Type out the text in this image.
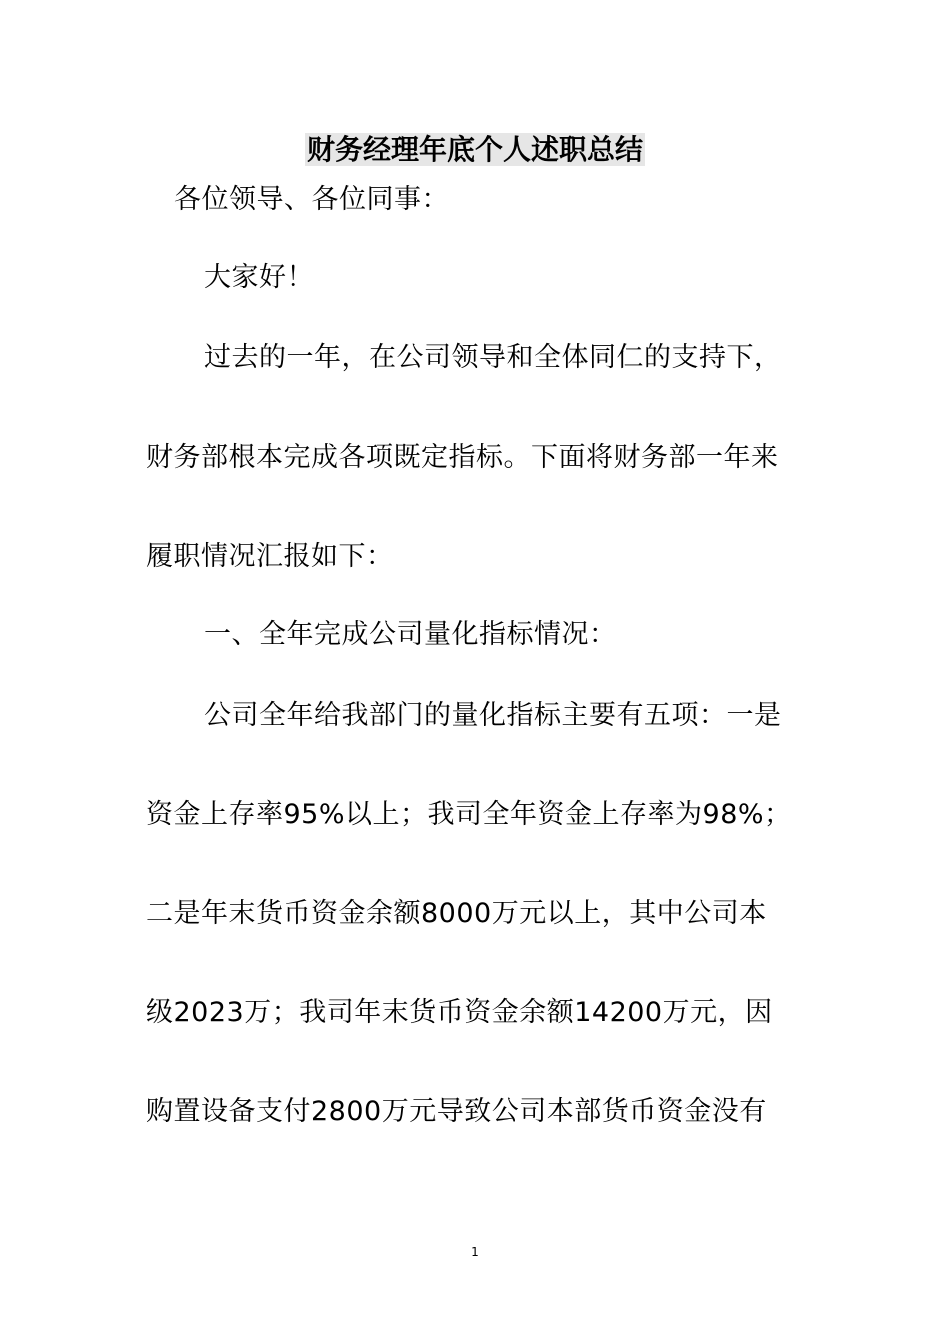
财务经理年底个人述职总结
各位领导、各位同事：
大家好！
过去的一年，在公司领导和全体同仁的支持下，
财务部根本完成各项既定指标。下面将财务部一年来
履职情况汇报如下：
一、全年完成公司量化指标情况：
公司全年给我部门的量化指标主要有五项：一是
资金上存率95%以上；我司全年资金上存率为98%；
二是年末货币资金余额8000万元以上，其中公司本
级2023万；我司年末货币资金余额14200万元，因
购置设备支付2800万元导致公司本部货币资金没有
1
